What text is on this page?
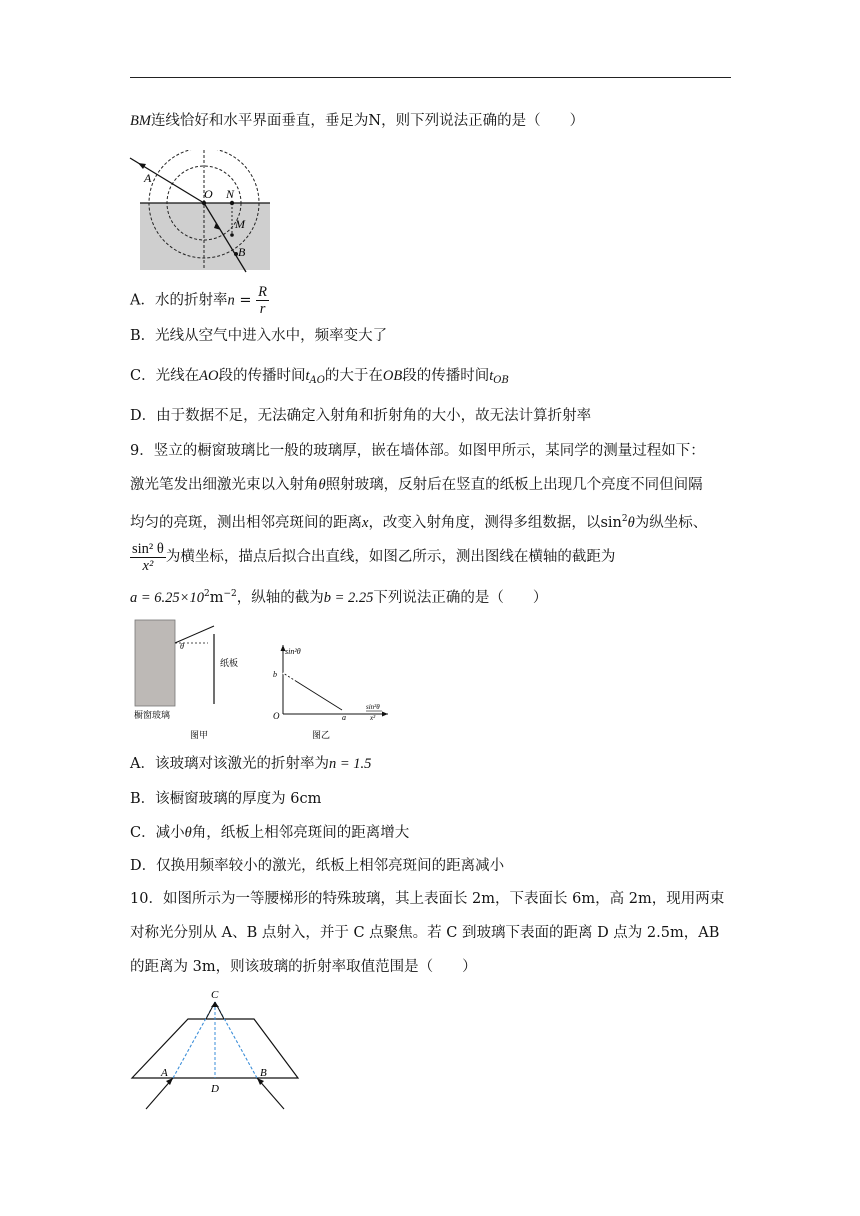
BM连线恰好和水平界面垂直，垂足为N，则下列说法正确的是（　　）
A
O N
M
B
A．水的折射率$n = \frac{R}{r}$
B．光线从空气中进入水中，频率变大了
C．光线在AO段的传播时间$t_{AO}$的大于在OB段的传播时间$t_{OB}$
D．由于数据不足，无法确定入射角和折射角的大小，故无法计算折射率
9．竖立的橱窗玻璃比一般的玻璃厚，嵌在墙体部。如图甲所示，某同学的测量过程如下：
激光笔发出细激光束以入射角θ照射玻璃，反射后在竖直的纸板上出现几个亮度不同但间隔
均匀的亮斑，测出相邻亮斑间的距离x，改变入射角度，测得多组数据，以$\sin^2\theta$为纵坐标、
$\frac{\text{sin² θ}}{\text{x²}}$ 为横坐标，描点后拟合出直线，如图乙所示，测出图线在横轴的截距为
$a = 6.25\times 10^2m^{-2}$，纵轴的截为b = 2.25下列说法正确的是（　　）
θ
纸板
橱窗玻璃
图甲
sin²θ
b
O	a
sin²θ
x²
图乙
A．该玻璃对该激光的折射率为n = 1.5
B．该橱窗玻璃的厚度为 6cm
C．减小θ角，纸板上相邻亮斑间的距离增大
D．仅换用频率较小的激光，纸板上相邻亮斑间的距离减小
10．如图所示为一等腰梯形的特殊玻璃，其上表面长 2m，下表面长 6m，高 2m，现用两束
对称光分别从 A、B 点射入，并于 C 点聚焦。若 C 到玻璃下表面的距离 D 点为 2.5m，AB
的距离为 3m，则该玻璃的折射率取值范围是（　　）
C
A
D
B
